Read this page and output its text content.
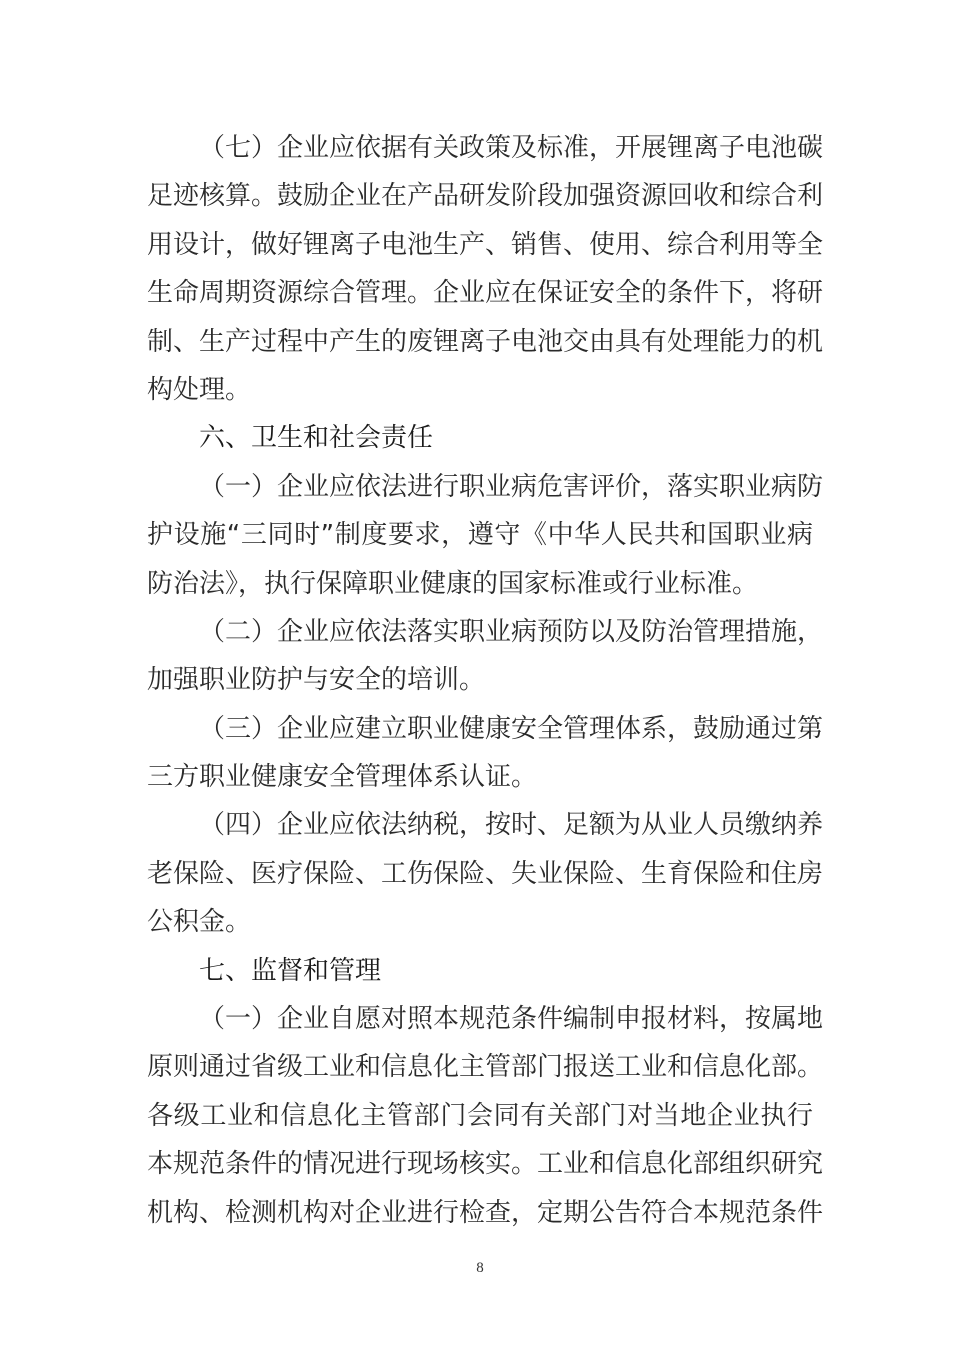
（七）企业应依据有关政策及标准，开展锂离子电池碳
足迹核算。鼓励企业在产品研发阶段加强资源回收和综合利
用设计，做好锂离子电池生产、销售、使用、综合利用等全
生命周期资源综合管理。企业应在保证安全的条件下，将研
制、生产过程中产生的废锂离子电池交由具有处理能力的机
构处理。
六、卫生和社会责任
（一）企业应依法进行职业病危害评价，落实职业病防
护设施“三同时”制度要求，遵守《中华人民共和国职业病
防治法》，执行保障职业健康的国家标准或行业标准。
（二）企业应依法落实职业病预防以及防治管理措施，
加强职业防护与安全的培训。
（三）企业应建立职业健康安全管理体系，鼓励通过第
三方职业健康安全管理体系认证。
（四）企业应依法纳税，按时、足额为从业人员缴纳养
老保险、医疗保险、工伤保险、失业保险、生育保险和住房
公积金。
七、监督和管理
（一）企业自愿对照本规范条件编制申报材料，按属地
原则通过省级工业和信息化主管部门报送工业和信息化部。
各级工业和信息化主管部门会同有关部门对当地企业执行
本规范条件的情况进行现场核实。工业和信息化部组织研究
机构、检测机构对企业进行检查，定期公告符合本规范条件
8
